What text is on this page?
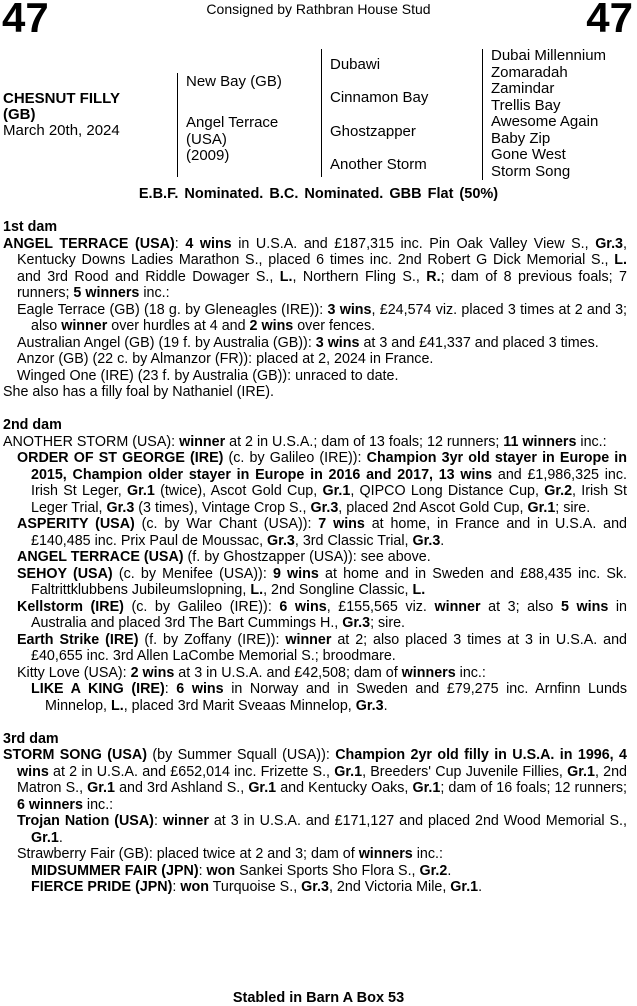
47	Consigned by Rathbran House Stud	47
CHESNUT FILLY
(GB)
March 20th, 2024
New Bay (GB)
Angel Terrace
(USA)
(2009)
Dubawi
Cinnamon Bay
Ghostzapper
Another Storm
Dubai Millennium
Zomaradah
Zamindar
Trellis Bay
Awesome Again
Baby Zip
Gone West
Storm Song
E.B.F. Nominated. B.C. Nominated. GBB Flat (50%)
1st dam
ANGEL TERRACE (USA): 4 wins in U.S.A. and £187,315 inc. Pin Oak Valley View S., Gr.3, Kentucky Downs Ladies Marathon S., placed 6 times inc. 2nd Robert G Dick Memorial S., L. and 3rd Rood and Riddle Dowager S., L., Northern Fling S., R.; dam of 8 previous foals; 7 runners; 5 winners inc.:
Eagle Terrace (GB) (18 g. by Gleneagles (IRE)): 3 wins, £24,574 viz. placed 3 times at 2 and 3; also winner over hurdles at 4 and 2 wins over fences.
Australian Angel (GB) (19 f. by Australia (GB)): 3 wins at 3 and £41,337 and placed 3 times.
Anzor (GB) (22 c. by Almanzor (FR)): placed at 2, 2024 in France.
Winged One (IRE) (23 f. by Australia (GB)): unraced to date.
She also has a filly foal by Nathaniel (IRE).
2nd dam
ANOTHER STORM (USA): winner at 2 in U.S.A.; dam of 13 foals; 12 runners; 11 winners inc.:
ORDER OF ST GEORGE (IRE) (c. by Galileo (IRE)): Champion 3yr old stayer in Europe in 2015, Champion older stayer in Europe in 2016 and 2017, 13 wins and £1,986,325 inc. Irish St Leger, Gr.1 (twice), Ascot Gold Cup, Gr.1, QIPCO Long Distance Cup, Gr.2, Irish St Leger Trial, Gr.3 (3 times), Vintage Crop S., Gr.3, placed 2nd Ascot Gold Cup, Gr.1; sire.
ASPERITY (USA) (c. by War Chant (USA)): 7 wins at home, in France and in U.S.A. and £140,485 inc. Prix Paul de Moussac, Gr.3, 3rd Classic Trial, Gr.3.
ANGEL TERRACE (USA) (f. by Ghostzapper (USA)): see above.
SEHOY (USA) (c. by Menifee (USA)): 9 wins at home and in Sweden and £88,435 inc. Sk. Faltrittklubbens Jubileumslopning, L., 2nd Songline Classic, L.
Kellstorm (IRE) (c. by Galileo (IRE)): 6 wins, £155,565 viz. winner at 3; also 5 wins in Australia and placed 3rd The Bart Cummings H., Gr.3; sire.
Earth Strike (IRE) (f. by Zoffany (IRE)): winner at 2; also placed 3 times at 3 in U.S.A. and £40,655 inc. 3rd Allen LaCombe Memorial S.; broodmare.
Kitty Love (USA): 2 wins at 3 in U.S.A. and £42,508; dam of winners inc.:
LIKE A KING (IRE): 6 wins in Norway and in Sweden and £79,275 inc. Arnfinn Lunds Minnelop, L., placed 3rd Marit Sveaas Minnelop, Gr.3.
3rd dam
STORM SONG (USA) (by Summer Squall (USA)): Champion 2yr old filly in U.S.A. in 1996, 4 wins at 2 in U.S.A. and £652,014 inc. Frizette S., Gr.1, Breeders' Cup Juvenile Fillies, Gr.1, 2nd Matron S., Gr.1 and 3rd Ashland S., Gr.1 and Kentucky Oaks, Gr.1; dam of 16 foals; 12 runners; 6 winners inc.:
Trojan Nation (USA): winner at 3 in U.S.A. and £171,127 and placed 2nd Wood Memorial S., Gr.1.
Strawberry Fair (GB): placed twice at 2 and 3; dam of winners inc.:
MIDSUMMER FAIR (JPN): won Sankei Sports Sho Flora S., Gr.2.
FIERCE PRIDE (JPN): won Turquoise S., Gr.3, 2nd Victoria Mile, Gr.1.
Stabled in Barn A Box 53
